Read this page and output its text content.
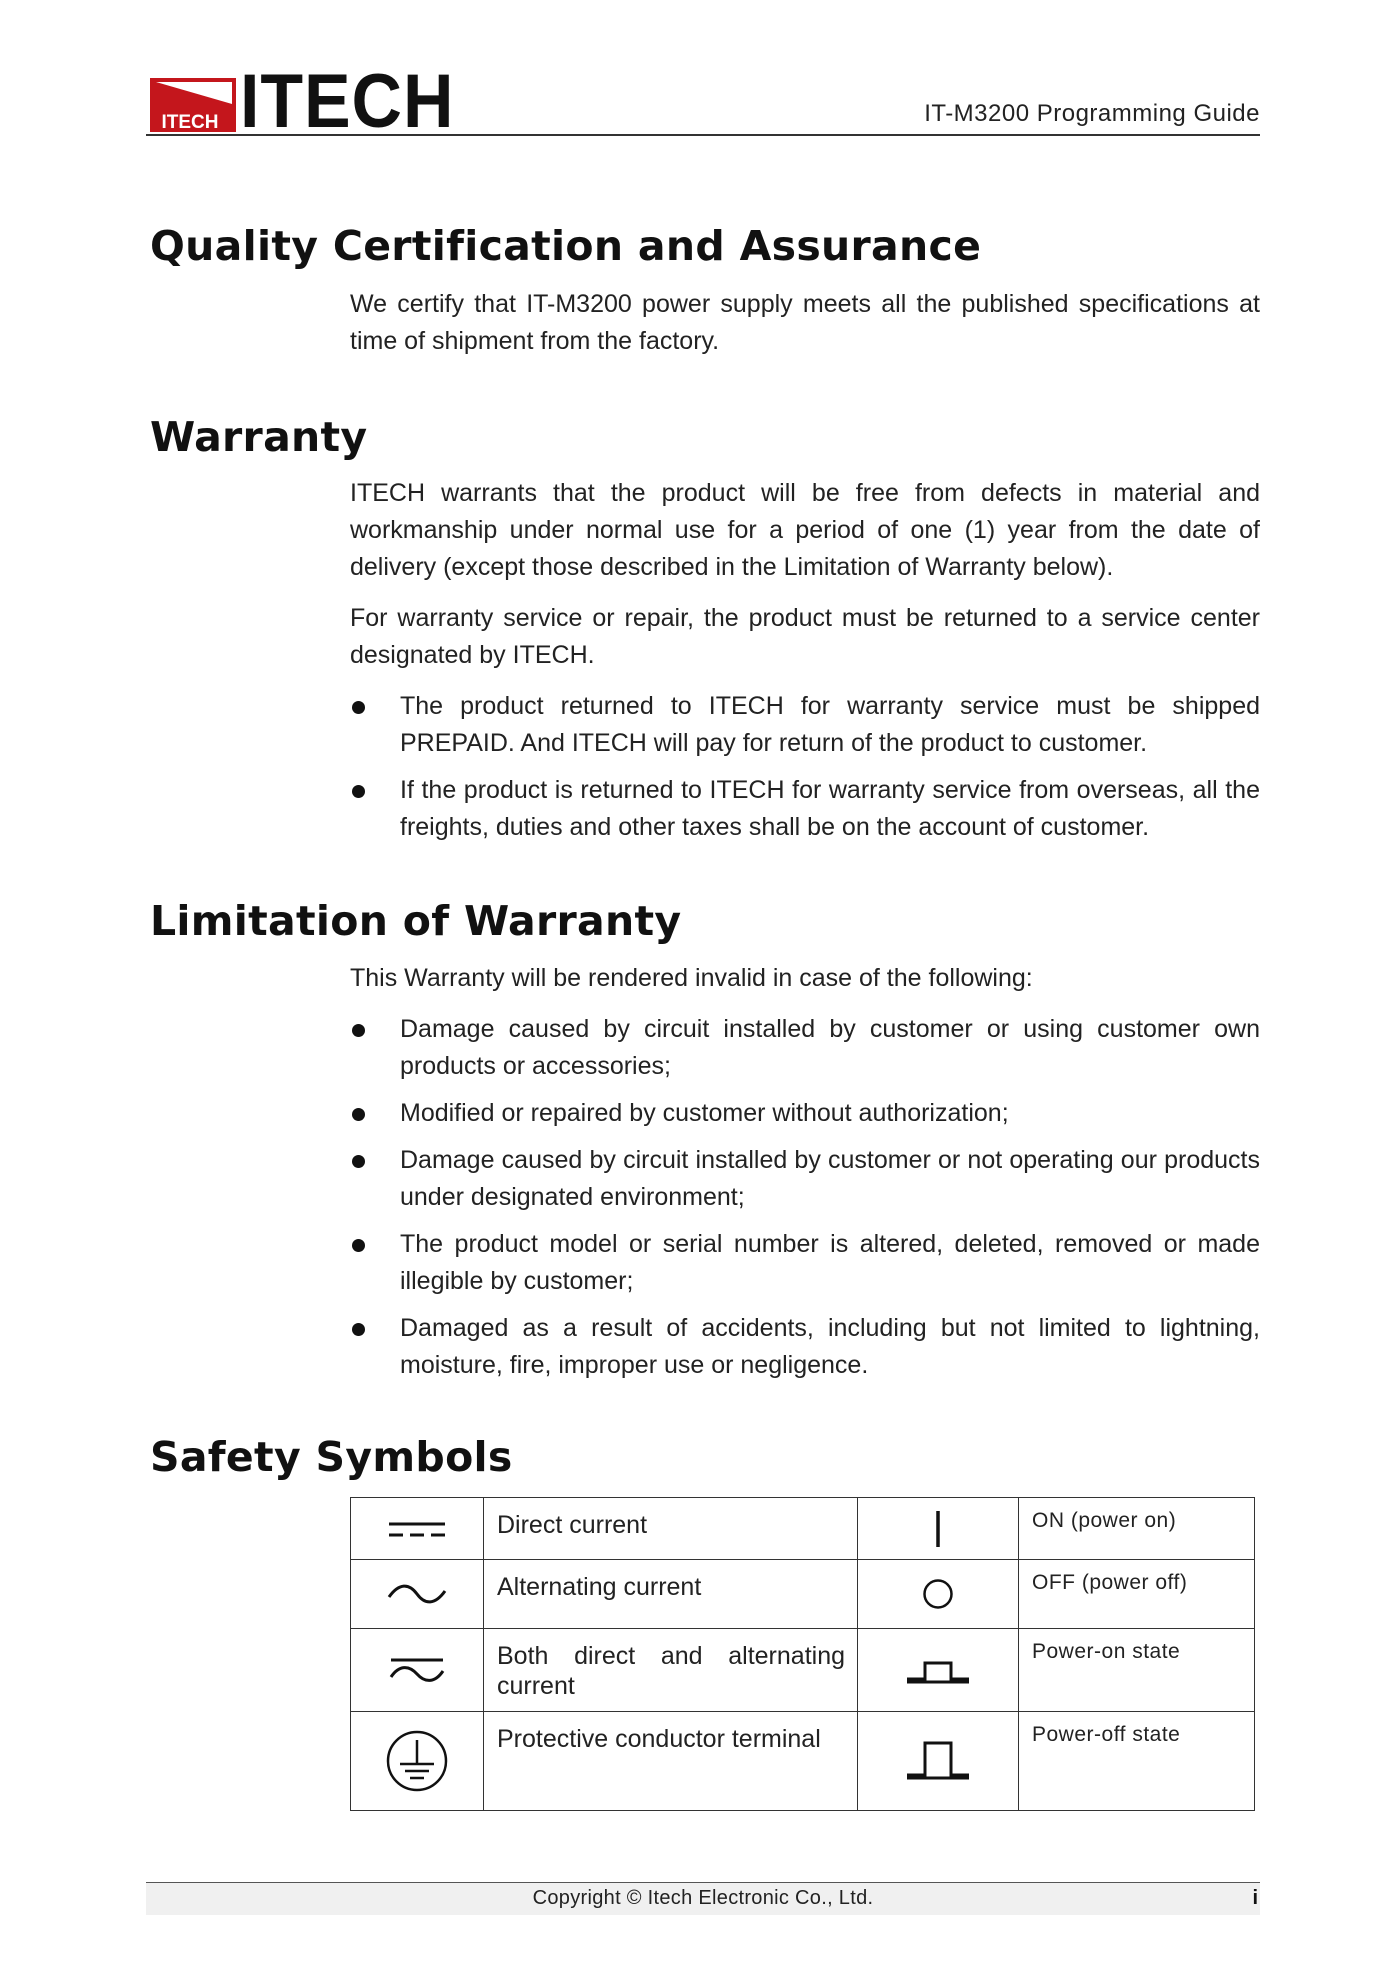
ITECH ITECH	IT-M3200 Programming Guide
Quality Certification and Assurance

We certify that IT-M3200 power supply meets all the published specifications at time of shipment from the factory.

Warranty

ITECH warrants that the product will be free from defects in material and workmanship under normal use for a period of one (1) year from the date of delivery (except those described in the Limitation of Warranty below).

For warranty service or repair, the product must be returned to a service center designated by ITECH.

The product returned to ITECH for warranty service must be shipped PREPAID. And ITECH will pay for return of the product to customer.
If the product is returned to ITECH for warranty service from overseas, all the freights, duties and other taxes shall be on the account of customer.
Limitation of Warranty

This Warranty will be rendered invalid in case of the following:

Damage caused by circuit installed by customer or using customer own products or accessories;
Modified or repaired by customer without authorization;
Damage caused by circuit installed by customer or not operating our products under designated environment;
The product model or serial number is altered, deleted, removed or made illegible by customer;
Damaged as a result of accidents, including but not limited to lightning, moisture, fire, improper use or negligence.
Safety Symbols
	Direct current		ON (power on)

	Alternating current		OFF (power off)

	Both direct and alternating current		Power-on state

	Protective conductor terminal		Power-off state
Copyright © Itech Electronic Co., Ltd.	i
